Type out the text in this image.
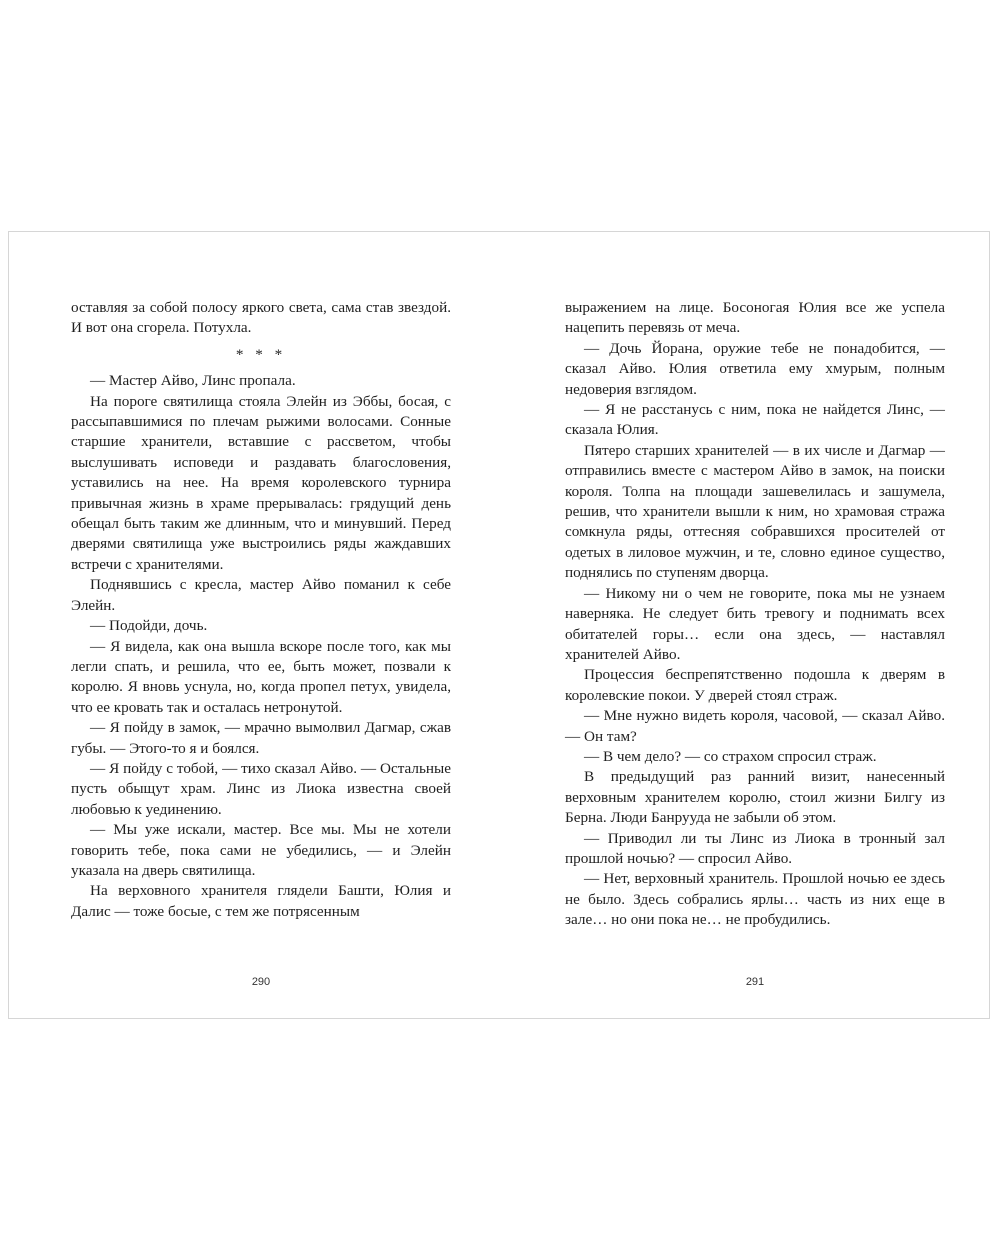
оставляя за собой полосу яркого света, сама став звездой. И вот она сгорела. Потухла.

* * *

— Мастер Айво, Линс пропала.

На пороге святилища стояла Элейн из Эббы, босая, с рассыпавшимися по плечам рыжими волосами. Сонные старшие хранители, вставшие с рассветом, чтобы выслушивать исповеди и раздавать благословения, уставились на нее. На время королевского турнира привычная жизнь в храме прерывалась: грядущий день обещал быть таким же длинным, что и минувший. Перед дверями святилища уже выстроились ряды жаждавших встречи с хранителями.

Поднявшись с кресла, мастер Айво поманил к себе Элейн.

— Подойди, дочь.

— Я видела, как она вышла вскоре после того, как мы легли спать, и решила, что ее, быть может, позвали к королю. Я вновь уснула, но, когда пропел петух, увидела, что ее кровать так и осталась нетронутой.

— Я пойду в замок, — мрачно вымолвил Дагмар, сжав губы. — Этого-то я и боялся.

— Я пойду с тобой, — тихо сказал Айво. — Остальные пусть обыщут храм. Линс из Лиока известна своей любовью к уединению.

— Мы уже искали, мастер. Все мы. Мы не хотели говорить тебе, пока сами не убедились, — и Элейн указала на дверь святилища.

На верховного хранителя глядели Башти, Юлия и Далис — тоже босые, с тем же потрясенным

290

выражением на лице. Босоногая Юлия все же успела нацепить перевязь от меча.

— Дочь Йорана, оружие тебе не понадобится, — сказал Айво. Юлия ответила ему хмурым, полным недоверия взглядом.

— Я не расстанусь с ним, пока не найдется Линс, — сказала Юлия.

Пятеро старших хранителей — в их числе и Дагмар — отправились вместе с мастером Айво в замок, на поиски короля. Толпа на площади зашевелилась и зашумела, решив, что хранители вышли к ним, но храмовая стража сомкнула ряды, оттесняя собравшихся просителей от одетых в лиловое мужчин, и те, словно единое существо, поднялись по ступеням дворца.

— Никому ни о чем не говорите, пока мы не узнаем наверняка. Не следует бить тревогу и поднимать всех обитателей горы… если она здесь, — наставлял хранителей Айво.

Процессия беспрепятственно подошла к дверям в королевские покои. У дверей стоял страж.

— Мне нужно видеть короля, часовой, — сказал Айво. — Он там?

— В чем дело? — со страхом спросил страж.

В предыдущий раз ранний визит, нанесенный верховным хранителем королю, стоил жизни Билгу из Берна. Люди Банрууда не забыли об этом.

— Приводил ли ты Линс из Лиока в тронный зал прошлой ночью? — спросил Айво.

— Нет, верховный хранитель. Прошлой ночью ее здесь не было. Здесь собрались ярлы… часть из них еще в зале… но они пока не… не пробудились.

291
